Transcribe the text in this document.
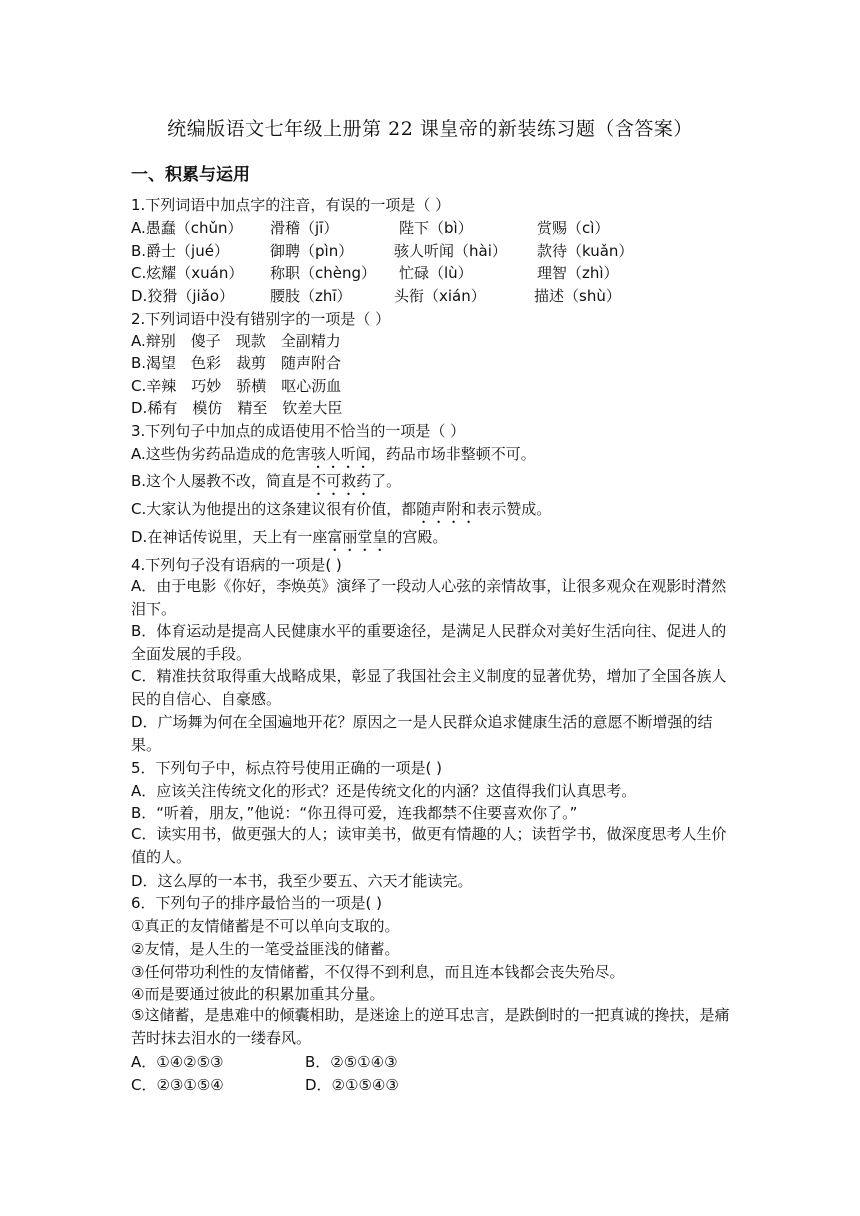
统编版语文七年级上册第 22 课皇帝的新装练习题（含答案）
一、积累与运用
1.下列词语中加点字的注音，有误的一项是（ ）
A.愚蠢（chǔn） 滑稽（jī）	陛下（bì）	赏赐（cì）
B.爵士（jué）	御聘（pìn）	骇人听闻（hài） 款待（kuǎn）
C.炫耀（xuán） 称职（chèng） 忙碌（lù）	理智（zhì）
D.狡猾（jiǎo） 腰肢（zhī）	头衔（xián）	描述（shù）
2.下列词语中没有错别字的一项是（ ）
A.辩别　傻子　现款　全副精力
B.渴望　色彩　裁剪　随声附合
C.辛辣　巧妙　骄横　呕心沥血
D.稀有　模仿　精至　钦差大臣
3.下列句子中加点的成语使用不恰当的一项是（ ）
A.这些伪劣药品造成的危害骇人听闻，药品市场非整顿不可。
B.这个人屡教不改，简直是不可救药了。
C.大家认为他提出的这条建议很有价值，都随声附和表示赞成。
D.在神话传说里，天上有一座富丽堂皇的宫殿。
4.下列句子没有语病的一项是( )
A．由于电影《你好，李焕英》演绎了一段动人心弦的亲情故事，让很多观众在观影时潸然泪下。
B．体育运动是提高人民健康水平的重要途径，是满足人民群众对美好生活向往、促进人的全面发展的手段。
C．精准扶贫取得重大战略成果，彰显了我国社会主义制度的显著优势，增加了全国各族人民的自信心、自豪感。
D．广场舞为何在全国遍地开花？原因之一是人民群众追求健康生活的意愿不断增强的结果。
5．下列句子中，标点符号使用正确的一项是( )
A．应该关注传统文化的形式？还是传统文化的内涵？这值得我们认真思考。
B．“听着，朋友，”他说：“你丑得可爱，连我都禁不住要喜欢你了。”
C．读实用书，做更强大的人；读审美书，做更有情趣的人；读哲学书，做深度思考人生价值的人。
D．这么厚的一本书，我至少要五、六天才能读完。
6．下列句子的排序最恰当的一项是( )
①真正的友情储蓄是不可以单向支取的。
②友情，是人生的一笔受益匪浅的储蓄。
③任何带功利性的友情储蓄，不仅得不到利息，而且连本钱都会丧失殆尽。
④而是要通过彼此的积累加重其分量。
⑤这储蓄，是患难中的倾囊相助，是迷途上的逆耳忠言，是跌倒时的一把真诚的搀扶，是痛苦时抹去泪水的一缕春风。
A．①④②⑤③	B．②⑤①④③
C．②③①⑤④	D．②①⑤④③
